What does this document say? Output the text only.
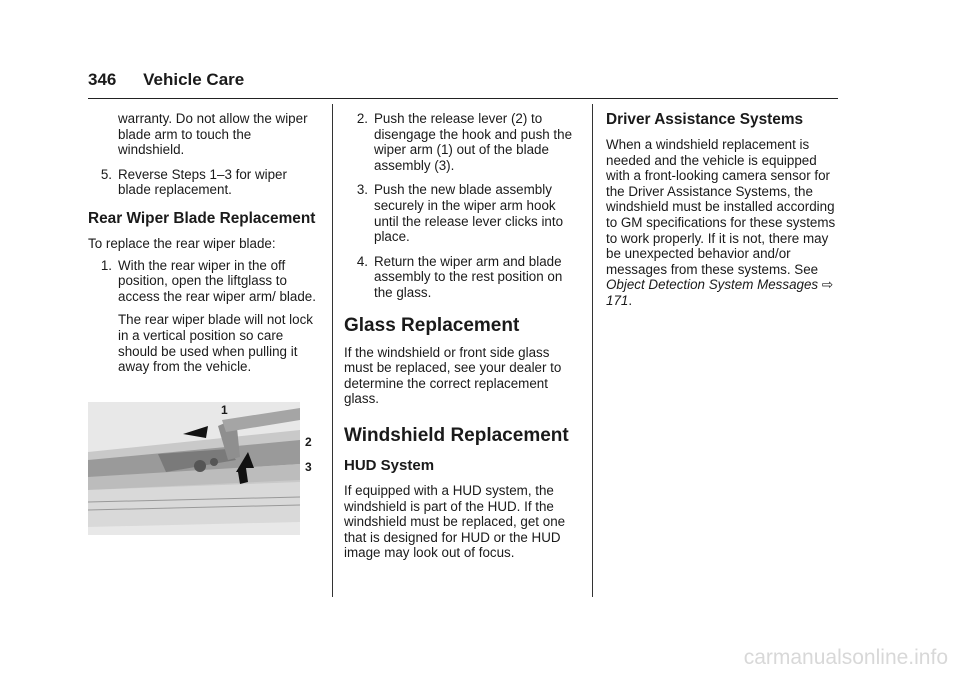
346 Vehicle Care

warranty. Do not allow the wiper blade arm to touch the windshield.

5. Reverse Steps 1–3 for wiper blade replacement.

Rear Wiper Blade Replacement

To replace the rear wiper blade:

1. With the rear wiper in the off position, open the liftglass to access the rear wiper arm/ blade.

The rear wiper blade will not lock in a vertical position so care should be used when pulling it away from the vehicle.

1
2
3
2. Push the release lever (2) to disengage the hook and push the wiper arm (1) out of the blade assembly (3).
3. Push the new blade assembly securely in the wiper arm hook until the release lever clicks into place.
4. Return the wiper arm and blade assembly to the rest position on the glass.

Glass Replacement

If the windshield or front side glass must be replaced, see your dealer to determine the correct replacement glass.

Windshield Replacement

HUD System

If equipped with a HUD system, the windshield is part of the HUD. If the windshield must be replaced, get one that is designed for HUD or the HUD image may look out of focus.

Driver Assistance Systems

When a windshield replacement is needed and the vehicle is equipped with a front-looking camera sensor for the Driver Assistance Systems, the windshield must be installed according to GM specifications for these systems to work properly. If it is not, there may be unexpected behavior and/or messages from these systems. See Object Detection System Messages ⇨ 171.

carmanualsonline.info
